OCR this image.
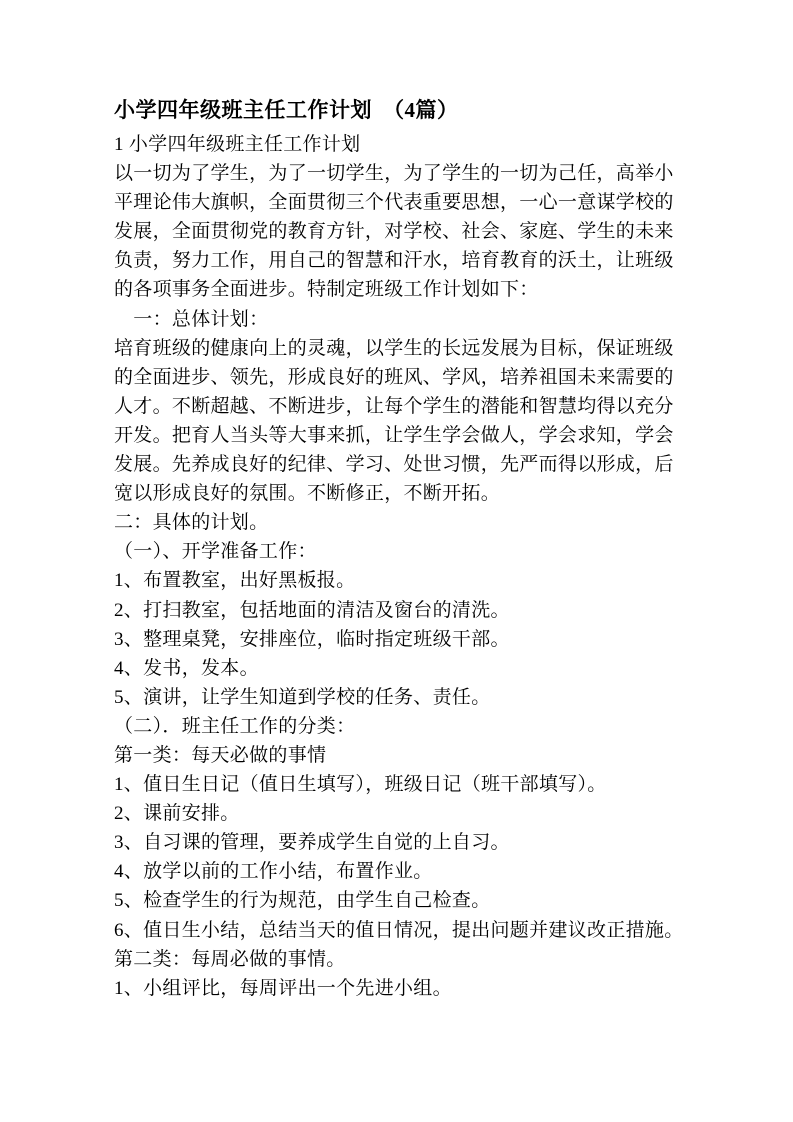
小学四年级班主任工作计划　（4篇）
1 小学四年级班主任工作计划
以一切为了学生，为了一切学生，为了学生的一切为己任，高举小
平理论伟大旗帜，全面贯彻三个代表重要思想，一心一意谋学校的
发展，全面贯彻党的教育方针，对学校、社会、家庭、学生的未来
负责，努力工作，用自己的智慧和汗水，培育教育的沃土，让班级
的各项事务全面进步。特制定班级工作计划如下：
　一：总体计划：
培育班级的健康向上的灵魂，以学生的长远发展为目标，保证班级
的全面进步、领先，形成良好的班风、学风，培养祖国未来需要的
人才。不断超越、不断进步，让每个学生的潜能和智慧均得以充分
开发。把育人当头等大事来抓，让学生学会做人，学会求知，学会
发展。先养成良好的纪律、学习、处世习惯，先严而得以形成，后
宽以形成良好的氛围。不断修正，不断开拓。
二：具体的计划。
（一）、开学准备工作：
1、布置教室，出好黑板报。
2、打扫教室，包括地面的清洁及窗台的清洗。
3、整理桌凳，安排座位，临时指定班级干部。
4、发书，发本。
5、演讲，让学生知道到学校的任务、责任。
（二）．班主任工作的分类：
第一类：每天必做的事情
1、值日生日记（值日生填写），班级日记（班干部填写）。
2、课前安排。
3、自习课的管理，要养成学生自觉的上自习。
4、放学以前的工作小结，布置作业。
5、检查学生的行为规范，由学生自己检查。
6、值日生小结，总结当天的值日情况，提出问题并建议改正措施。
第二类：每周必做的事情。
1、小组评比，每周评出一个先进小组。
